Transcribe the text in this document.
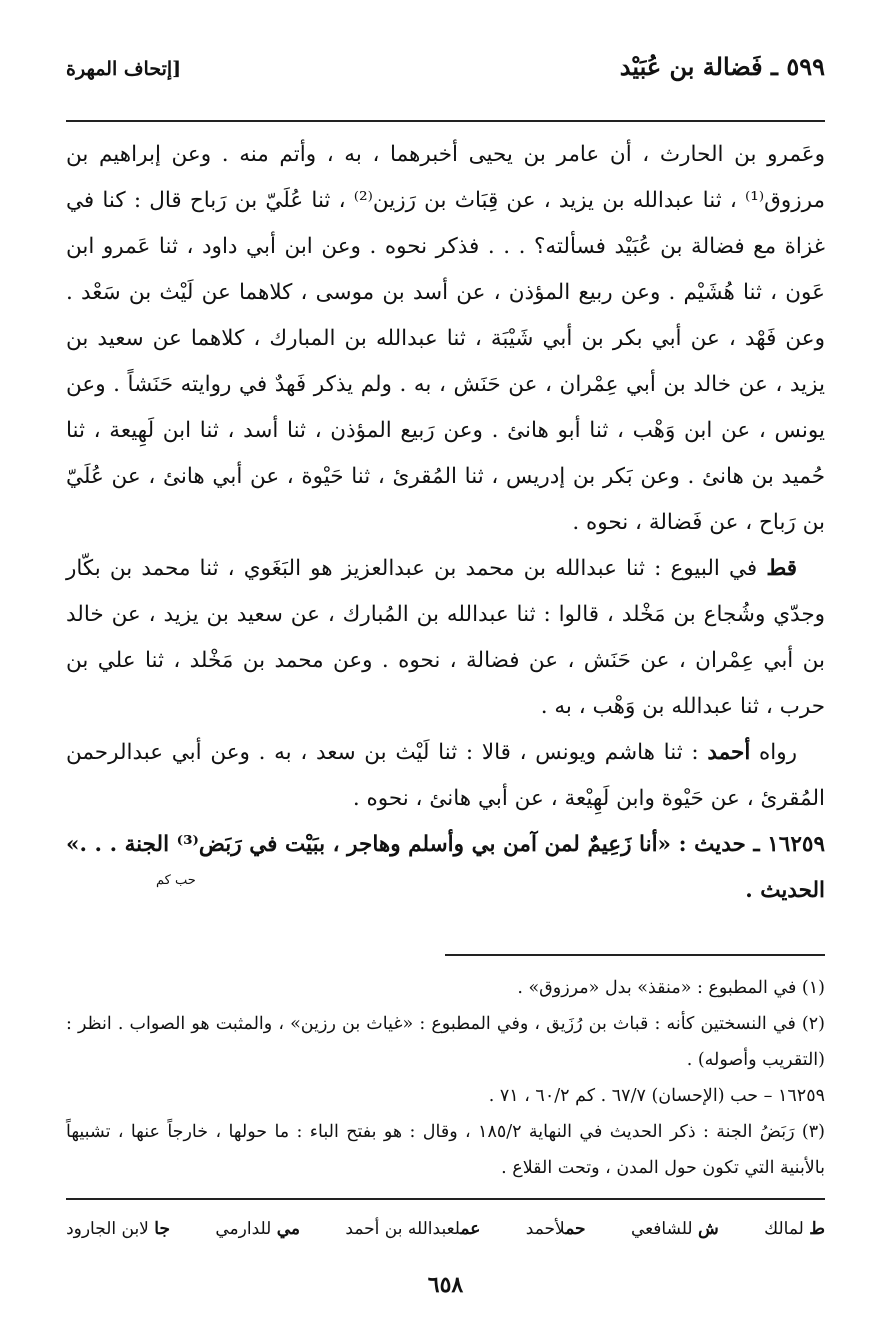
٥٩٩ ـ فَضالة بن عُبَيْد
[إتحاف المهرة

وعَمرو بن الحارث ، أن عامر بن يحيى أخبرهما ، به ، وأتم منه . وعن إبراهيم بن مرزوق⁽¹⁾ ، ثنا عبدالله بن يزيد ، عن قِبَاث بن رَزين⁽²⁾ ، ثنا عُلَيّ بن رَباح قال : كنا في غزاة مع فضالة بن عُبَيْد فسألته؟ . . . فذكر نحوه . وعن ابن أبي داود ، ثنا عَمرو ابن عَون ، ثنا هُشَيْم . وعن ربيع المؤذن ، عن أسد بن موسى ، كلاهما عن لَيْث بن سَعْد . وعن فَهْد ، عن أبي بكر بن أبي شَيْبَة ، ثنا عبدالله بن المبارك ، كلاهما عن سعيد بن يزيد ، عن خالد بن أبي عِمْران ، عن حَنَش ، به . ولم يذكر فَهدٌ في روايته حَنَشاً . وعن يونس ، عن ابن وَهْب ، ثنا أبو هانئ . وعن رَبيع المؤذن ، ثنا أسد ، ثنا ابن لَهِيعة ، ثنا حُميد بن هانئ . وعن بَكر بن إدريس ، ثنا المُقرئ ، ثنا حَيْوة ، عن أبي هانئ ، عن عُلَيّ بن رَباح ، عن فَضالة ، نحوه .

قط في البيوع : ثنا عبدالله بن محمد بن عبدالعزيز هو البَغَوي ، ثنا محمد بن بكّار وجدّي وشُجاع بن مَخْلد ، قالوا : ثنا عبدالله بن المُبارك ، عن سعيد بن يزيد ، عن خالد بن أبي عِمْران ، عن حَنَش ، عن فضالة ، نحوه . وعن محمد بن مَخْلد ، ثنا علي بن حرب ، ثنا عبدالله بن وَهْب ، به .

رواه أحمد : ثنا هاشم ويونس ، قالا : ثنا لَيْث بن سعد ، به . وعن أبي عبدالرحمن المُقرئ ، عن حَيْوة وابن لَهِيْعة ، عن أبي هانئ ، نحوه .

١٦٢٥٩ ـ حديث : «أنا زَعِيمٌ لمن آمن بي وأسلم وهاجر ، ببَيْت في رَبَض⁽³⁾ الجنة . . .» الحديث .
حب كم

(١) في المطبوع : «منقذ» بدل «مرزوق» .

(٢) في النسختين كأنه : قباث بن رُزَيق ، وفي المطبوع : «غياث بن رزين» ، والمثبت هو الصواب . انظر : (التقريب وأصوله) .

١٦٢٥٩ – حب (الإحسان) ٦٧/٧ . كم ٦٠/٢ ، ٧١ .

(٣) رَبَضُ الجنة : ذكر الحديث في النهاية ١٨٥/٢ ، وقال : هو بفتح الباء : ما حولها ، خارجاً عنها ، تشبيهاً بالأبنية التي تكون حول المدن ، وتحت القلاع .

ط لمالك
ش للشافعي
حملأحمد
عملعبدالله بن أحمد
مي للدارمي
جا لابن الجارود
٦٥٨
